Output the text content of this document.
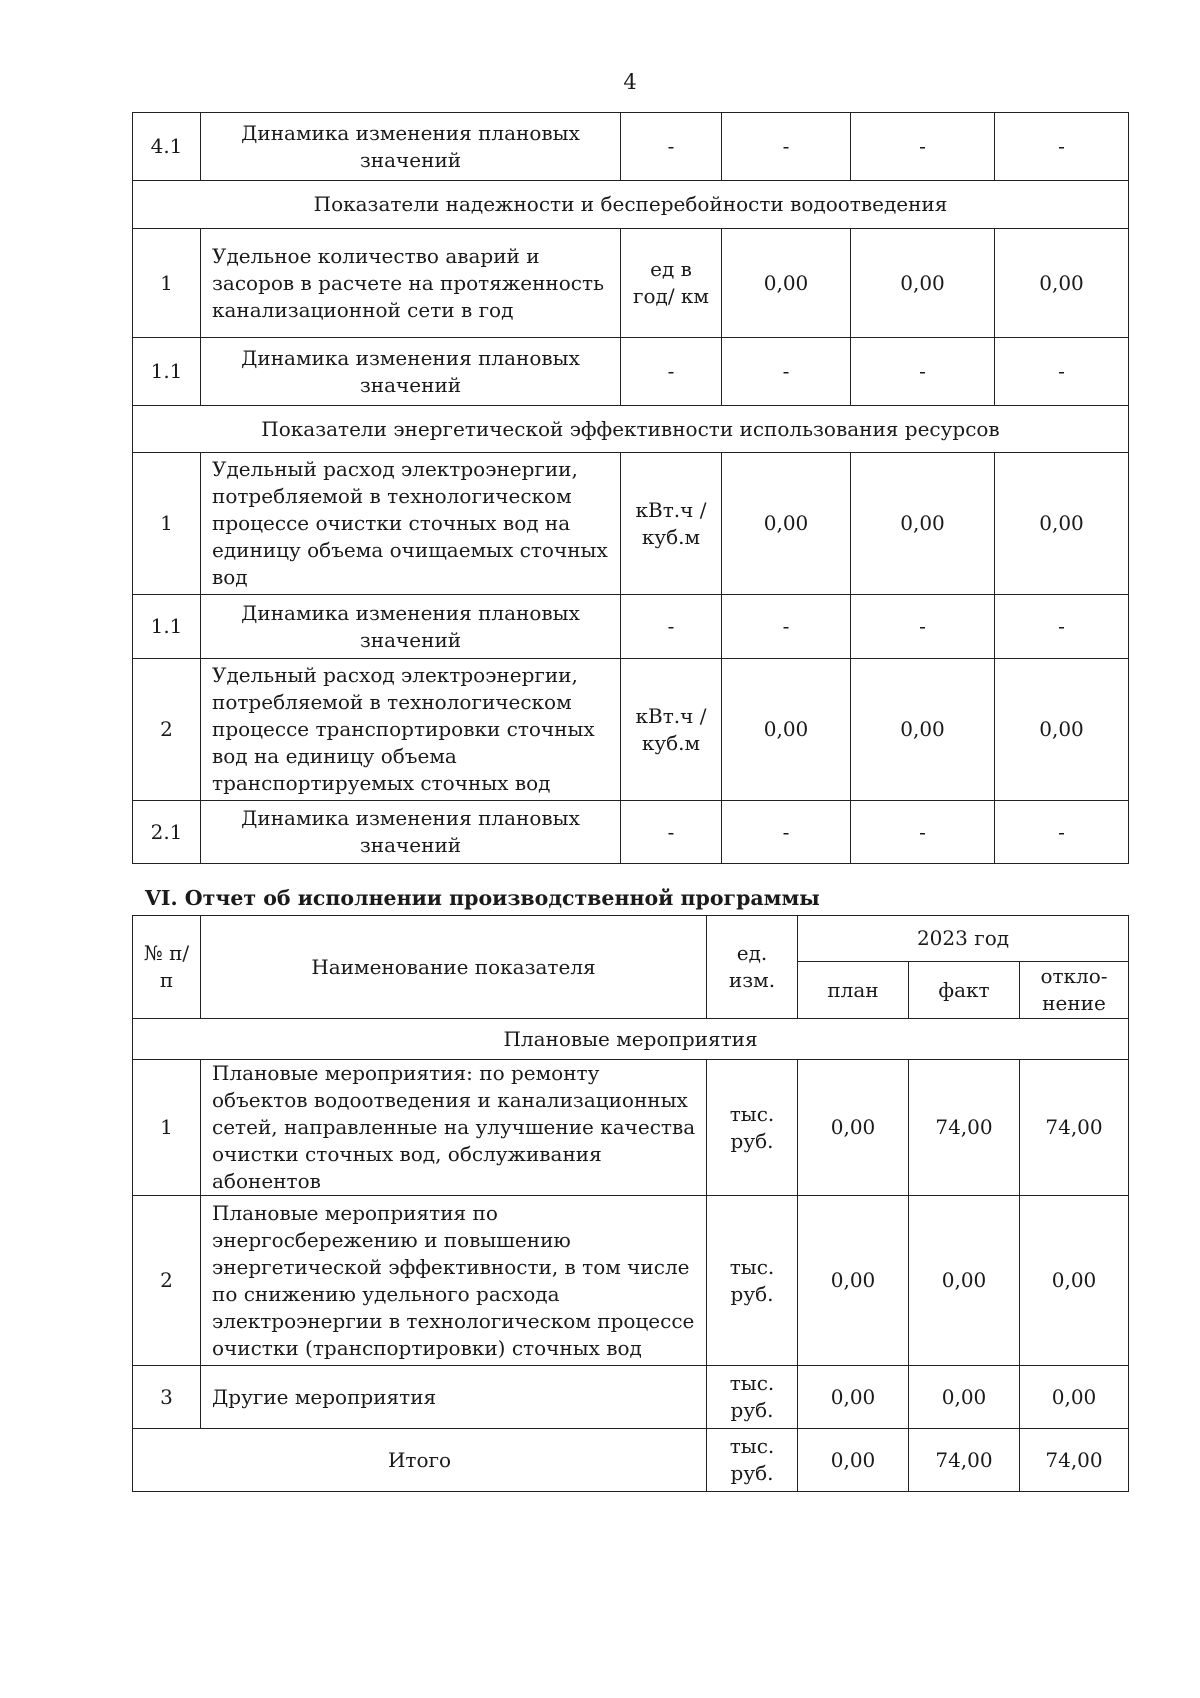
4
4.1	Динамика изменения плановых значений	-	-	-	-
Показатели надежности и бесперебойности водоотведения					
1	Удельное количество аварий и засоров в расчете на протяженность канализационной сети в год	ед в год/ км	0,00	0,00	0,00
1.1	Динамика изменения плановых значений	-	-	-	-
Показатели энергетической эффективности использования ресурсов					
1	Удельный расход электроэнергии, потребляемой в технологическом процессе очистки сточных вод на единицу объема очищаемых сточных вод	кВт.ч / куб.м	0,00	0,00	0,00
1.1	Динамика изменения плановых значений	-	-	-	-
2	Удельный расход электроэнергии, потребляемой в технологическом процессе транспортировки сточных вод на единицу объема транспортируемых сточных вод	кВт.ч / куб.м	0,00	0,00	0,00
2.1	Динамика изменения плановых значений	-	-	-	-
VI. Отчет об исполнении производственной программы
№ п/п	Наименование показателя	ед. изм.	2023 год		
			план	факт	откло-нение
Плановые мероприятия					
1	Плановые мероприятия: по ремонту объектов водоотведения и канализационных сетей, направленные на улучшение качества очистки сточных вод, обслуживания абонентов	тыс. руб.	0,00	74,00	74,00
2	Плановые мероприятия по энергосбережению и повышению энергетической эффективности, в том числе по снижению удельного расхода электроэнергии в технологическом процессе очистки (транспортировки) сточных вод	тыс. руб.	0,00	0,00	0,00
3	Другие мероприятия	тыс. руб.	0,00	0,00	0,00
Итого		тыс. руб.	0,00	74,00	74,00
